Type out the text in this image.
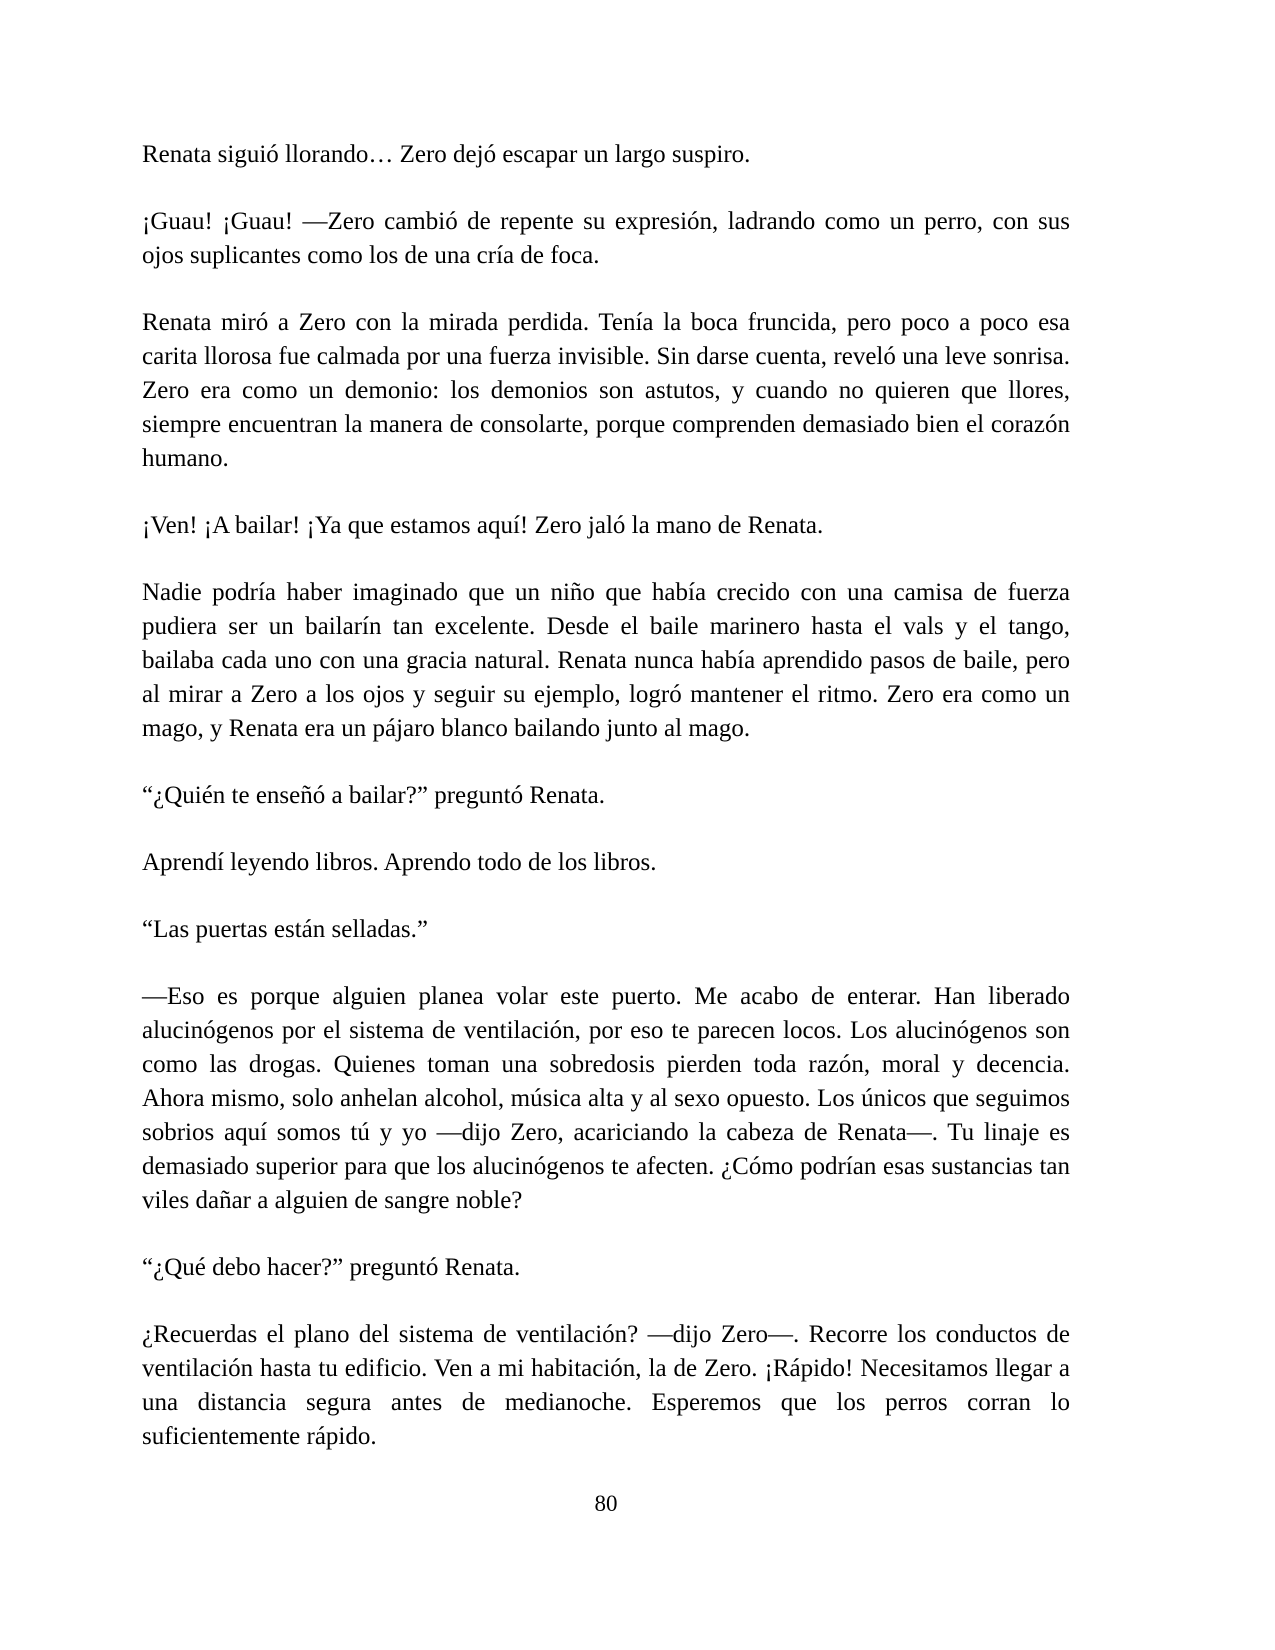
Renata siguió llorando… Zero dejó escapar un largo suspiro.

¡Guau! ¡Guau! —Zero cambió de repente su expresión, ladrando como un perro, con sus ojos suplicantes como los de una cría de foca.

Renata miró a Zero con la mirada perdida. Tenía la boca fruncida, pero poco a poco esa carita llorosa fue calmada por una fuerza invisible. Sin darse cuenta, reveló una leve sonrisa. Zero era como un demonio: los demonios son astutos, y cuando no quieren que llores, siempre encuentran la manera de consolarte, porque comprenden demasiado bien el corazón humano.

¡Ven! ¡A bailar! ¡Ya que estamos aquí! Zero jaló la mano de Renata.

Nadie podría haber imaginado que un niño que había crecido con una camisa de fuerza pudiera ser un bailarín tan excelente. Desde el baile marinero hasta el vals y el tango, bailaba cada uno con una gracia natural. Renata nunca había aprendido pasos de baile, pero al mirar a Zero a los ojos y seguir su ejemplo, logró mantener el ritmo. Zero era como un mago, y Renata era un pájaro blanco bailando junto al mago.

“¿Quién te enseñó a bailar?” preguntó Renata.

Aprendí leyendo libros. Aprendo todo de los libros.

“Las puertas están selladas.”

—Eso es porque alguien planea volar este puerto. Me acabo de enterar. Han liberado alucinógenos por el sistema de ventilación, por eso te parecen locos. Los alucinógenos son como las drogas. Quienes toman una sobredosis pierden toda razón, moral y decencia. Ahora mismo, solo anhelan alcohol, música alta y al sexo opuesto. Los únicos que seguimos sobrios aquí somos tú y yo —dijo Zero, acariciando la cabeza de Renata—. Tu linaje es demasiado superior para que los alucinógenos te afecten. ¿Cómo podrían esas sustancias tan viles dañar a alguien de sangre noble?

“¿Qué debo hacer?” preguntó Renata.

¿Recuerdas el plano del sistema de ventilación? —dijo Zero—. Recorre los conductos de ventilación hasta tu edificio. Ven a mi habitación, la de Zero. ¡Rápido! Necesitamos llegar a una distancia segura antes de medianoche. Esperemos que los perros corran lo suficientemente rápido.

80
